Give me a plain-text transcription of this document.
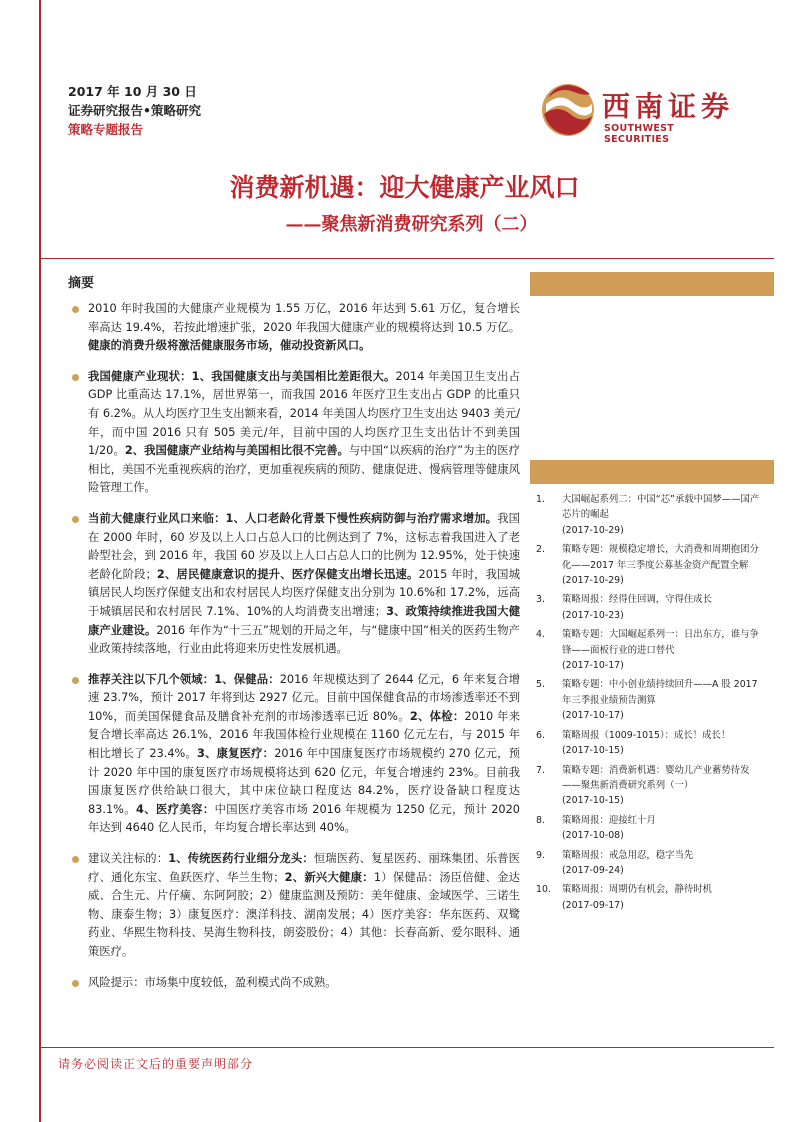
2017 年 10 月 30 日
证券研究报告•策略研究
策略专题报告
西南证券
SOUTHWEST SECURITIES
消费新机遇：迎大健康产业风口
——聚焦新消费研究系列（二）
摘要

2010 年时我国的大健康产业规模为 1.55 万亿，2016 年达到 5.61 万亿，复合增长率高达 19.4%，若按此增速扩张，2020 年我国大健康产业的规模将达到 10.5 万亿。健康的消费升级将激活健康服务市场，催动投资新风口。

我国健康产业现状：1、我国健康支出与美国相比差距很大。2014 年美国卫生支出占 GDP 比重高达 17.1%，居世界第一，而我国 2016 年医疗卫生支出占 GDP 的比重只有 6.2%。从人均医疗卫生支出额来看，2014 年美国人均医疗卫生支出达 9403 美元/年，而中国 2016 只有 505 美元/年，目前中国的人均医疗卫生支出估计不到美国 1/20。2、我国健康产业结构与美国相比很不完善。与中国“以疾病的治疗”为主的医疗相比，美国不光重视疾病的治疗，更加重视疾病的预防、健康促进、慢病管理等健康风险管理工作。

当前大健康行业风口来临：1、人口老龄化背景下慢性疾病防御与治疗需求增加。我国在 2000 年时，60 岁及以上人口占总人口的比例达到了 7%，这标志着我国进入了老龄型社会，到 2016 年，我国 60 岁及以上人口占总人口的比例为 12.95%，处于快速老龄化阶段；2、居民健康意识的提升、医疗保健支出增长迅速。2015 年时，我国城镇居民人均医疗保健支出和农村居民人均医疗保健支出分别为 10.6%和 17.2%，远高于城镇居民和农村居民 7.1%、10%的人均消费支出增速；3、政策持续推进我国大健康产业建设。2016 年作为“十三五”规划的开局之年，与“健康中国”相关的医药生物产业政策持续落地，行业由此将迎来历史性发展机遇。

推荐关注以下几个领域：1、保健品：2016 年规模达到了 2644 亿元，6 年来复合增速 23.7%，预计 2017 年将到达 2927 亿元。目前中国保健食品的市场渗透率还不到 10%，而美国保健食品及膳食补充剂的市场渗透率已近 80%。2、体检：2010 年来复合增长率高达 26.1%，2016 年我国体检行业规模在 1160 亿元左右，与 2015 年相比增长了 23.4%。3、康复医疗：2016 年中国康复医疗市场规模约 270 亿元，预计 2020 年中国的康复医疗市场规模将达到 620 亿元，年复合增速约 23%。目前我国康复医疗供给缺口很大，其中床位缺口程度达 84.2%，医疗设备缺口程度达 83.1%。4、医疗美容：中国医疗美容市场 2016 年规模为 1250 亿元，预计 2020 年达到 4640 亿人民币，年均复合增长率达到 40%。

建议关注标的：1、传统医药行业细分龙头：恒瑞医药、复星医药、丽珠集团、乐普医疗、通化东宝、鱼跃医疗、华兰生物；2、新兴大健康：1）保健品：汤臣倍健、金达威、合生元、片仔癀、东阿阿胶；2）健康监测及预防：美年健康、金域医学、三诺生物、康泰生物；3）康复医疗：澳洋科技、湖南发展；4）医疗美容：华东医药、双鹭药业、华熙生物科技、昊海生物科技，朗姿股份；4）其他：长春高新、爱尔眼科、通策医疗。

风险提示：市场集中度较低，盈利模式尚不成熟。

1. 大国崛起系列二：中国“芯”承载中国梦——国产芯片的崛起
(2017-10-29)
2. 策略专题：规模稳定增长，大消费和周期抱团分化——2017 年三季度公募基金资产配置全解
(2017-10-29)
3. 策略周报：经得住回调，守得住成长
(2017-10-23)
4. 策略专题：大国崛起系列一：日出东方，谁与争锋——面板行业的进口替代
(2017-10-17)
5. 策略专题：中小创业绩持续回升——A 股 2017 年三季报业绩预告测算
(2017-10-17)
6. 策略周报（1009-1015）：成长！成长！
(2017-10-15)
7. 策略专题：消费新机遇：婴幼儿产业蓄势待发——聚焦新消费研究系列（一）
(2017-10-15)
8. 策略周报：迎接红十月
(2017-10-08)
9. 策略周报：戒急用忍，稳字当先
(2017-09-24)
10. 策略周报：周期仍有机会，静待时机
(2017-09-17)
请务必阅读正文后的重要声明部分
